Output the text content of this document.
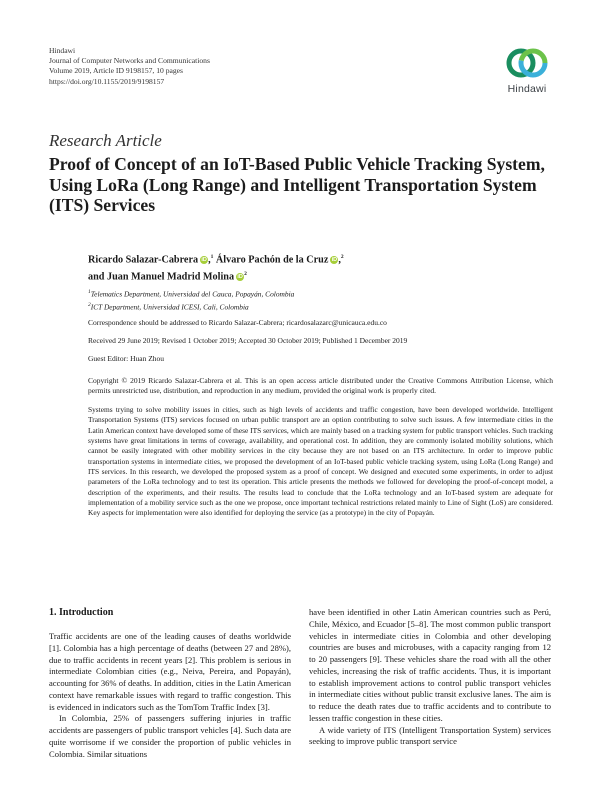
Hindawi
Journal of Computer Networks and Communications
Volume 2019, Article ID 9198157, 10 pages
https://doi.org/10.1155/2019/9198157
Hindawi
Research Article
Proof of Concept of an IoT-Based Public Vehicle Tracking System, Using LoRa (Long Range) and Intelligent Transportation System (ITS) Services
Ricardo Salazar-Cabrera iD,$^1$ Álvaro Pachón de la Cruz iD,$^2$
and Juan Manuel Madrid Molina $iD^2$
$^1$Telematics Department, Universidad del Cauca, Popayán, Colombia
$^2$ICT Department, Universidad ICESI, Cali, Colombia
Correspondence should be addressed to Ricardo Salazar-Cabrera; ricardosalazarc@unicauca.edu.co
Received 29 June 2019; Revised 1 October 2019; Accepted 30 October 2019; Published 1 December 2019
Guest Editor: Huan Zhou
Copyright © 2019 Ricardo Salazar-Cabrera et al. This is an open access article distributed under the Creative Commons Attribution License, which permits unrestricted use, distribution, and reproduction in any medium, provided the original work is properly cited.
Systems trying to solve mobility issues in cities, such as high levels of accidents and traffic congestion, have been developed worldwide. Intelligent Transportation Systems (ITS) services focused on urban public transport are an option contributing to solve such issues. A few intermediate cities in the Latin American context have developed some of these ITS services, which are mainly based on a tracking system for public transport vehicles. Such tracking systems have great limitations in terms of coverage, availability, and operational cost. In addition, they are commonly isolated mobility solutions, which cannot be easily integrated with other mobility services in the city because they are not based on an ITS architecture. In order to improve public transportation systems in intermediate cities, we proposed the development of an IoT-based public vehicle tracking system, using LoRa (Long Range) and ITS services. In this research, we developed the proposed system as a proof of concept. We designed and executed some experiments, in order to adjust parameters of the LoRa technology and to test its operation. This article presents the methods we followed for developing the proof-of-concept model, a description of the experiments, and their results. The results lead to conclude that the LoRa technology and an IoT-based system are adequate for implementation of a mobility service such as the one we propose, once important technical restrictions related mainly to Line of Sight (LoS) are considered. Key aspects for implementation were also identified for deploying the service (as a prototype) in the city of Popayán.
1. Introduction

Traffic accidents are one of the leading causes of deaths worldwide [1]. Colombia has a high percentage of deaths (between 27 and 28%), due to traffic accidents in recent years [2]. This problem is serious in intermediate Colombian cities (e.g., Neiva, Pereira, and Popayán), accounting for 36% of deaths. In addition, cities in the Latin American context have remarkable issues with regard to traffic congestion. This is evidenced in indicators such as the TomTom Traffic Index [3].

In Colombia, 25% of passengers suffering injuries in traffic accidents are passengers of public transport vehicles [4]. Such data are quite worrisome if we consider the proportion of public vehicles in Colombia. Similar situations

have been identified in other Latin American countries such as Perú, Chile, México, and Ecuador [5–8]. The most common public transport vehicles in intermediate cities in Colombia and other developing countries are buses and microbuses, with a capacity ranging from 12 to 20 passengers [9]. These vehicles share the road with all the other vehicles, increasing the risk of traffic accidents. Thus, it is important to establish improvement actions to control public transport vehicles in intermediate cities without public transit exclusive lanes. The aim is to reduce the death rates due to traffic accidents and to contribute to lessen traffic congestion in these cities.

A wide variety of ITS (Intelligent Transportation System) services seeking to improve public transport service
